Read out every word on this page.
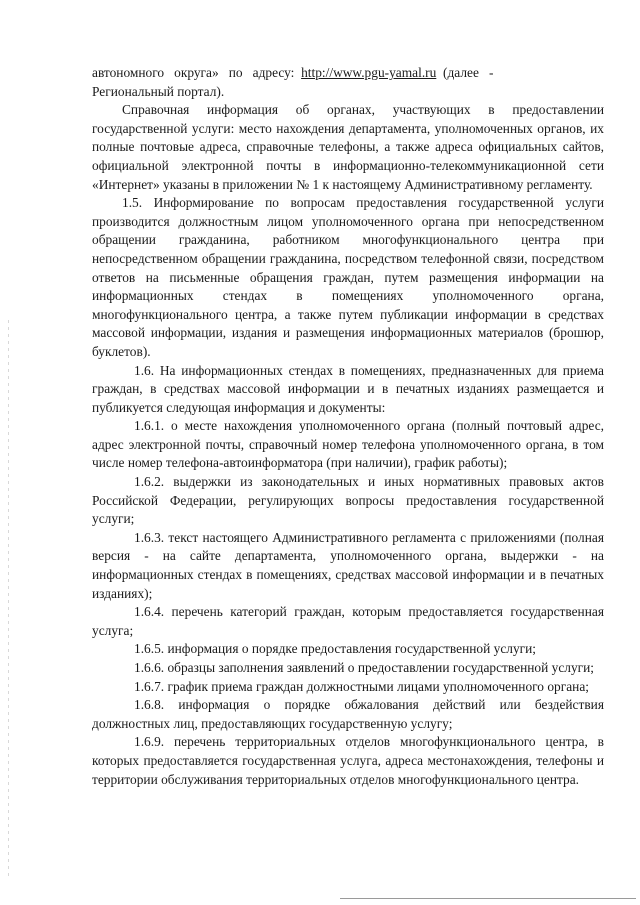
автономного   округа»   по   адресу:  http://www.pgu-yamal.ru  (далее   -

Региональный портал).

Справочная информация об органах, участвующих в предоставлении государственной услуги: место нахождения департамента, уполномоченных органов, их полные почтовые адреса, справочные телефоны, а также адреса официальных сайтов, официальной электронной почты в информационно-телекоммуникационной сети «Интернет» указаны в приложении № 1 к настоящему Административному регламенту.

1.5. Информирование по вопросам предоставления государственной услуги производится должностным лицом уполномоченного органа при непосредственном обращении гражданина, работником многофункционального центра при непосредственном обращении гражданина, посредством телефонной связи, посредством ответов на письменные обращения граждан, путем размещения информации на информационных стендах в помещениях уполномоченного органа, многофункционального центра, а также путем публикации информации в средствах массовой информации, издания и размещения информационных материалов (брошюр, буклетов).

1.6. На информационных стендах в помещениях, предназначенных для приема граждан, в средствах массовой информации и в печатных изданиях размещается и публикуется следующая информация и документы:

1.6.1. о месте нахождения уполномоченного органа (полный почтовый адрес, адрес электронной почты, справочный номер телефона уполномоченного органа, в том числе номер телефона-автоинформатора (при наличии), график работы);

1.6.2. выдержки из законодательных и иных нормативных правовых актов Российской Федерации, регулирующих вопросы предоставления государственной услуги;

1.6.3. текст настоящего Административного регламента с приложениями (полная версия - на сайте департамента, уполномоченного органа, выдержки - на информационных стендах в помещениях, средствах массовой информации и в печатных изданиях);

1.6.4. перечень категорий граждан, которым предоставляется государственная услуга;

1.6.5. информация о порядке предоставления государственной услуги;

1.6.6. образцы заполнения заявлений о предоставлении государственной услуги;

1.6.7. график приема граждан должностными лицами уполномоченного органа;

1.6.8. информация о порядке обжалования действий или бездействия должностных лиц, предоставляющих государственную услугу;

1.6.9. перечень территориальных отделов многофункционального центра, в которых предоставляется государственная услуга, адреса местонахождения, телефоны и территории обслуживания территориальных отделов многофункционального центра.
